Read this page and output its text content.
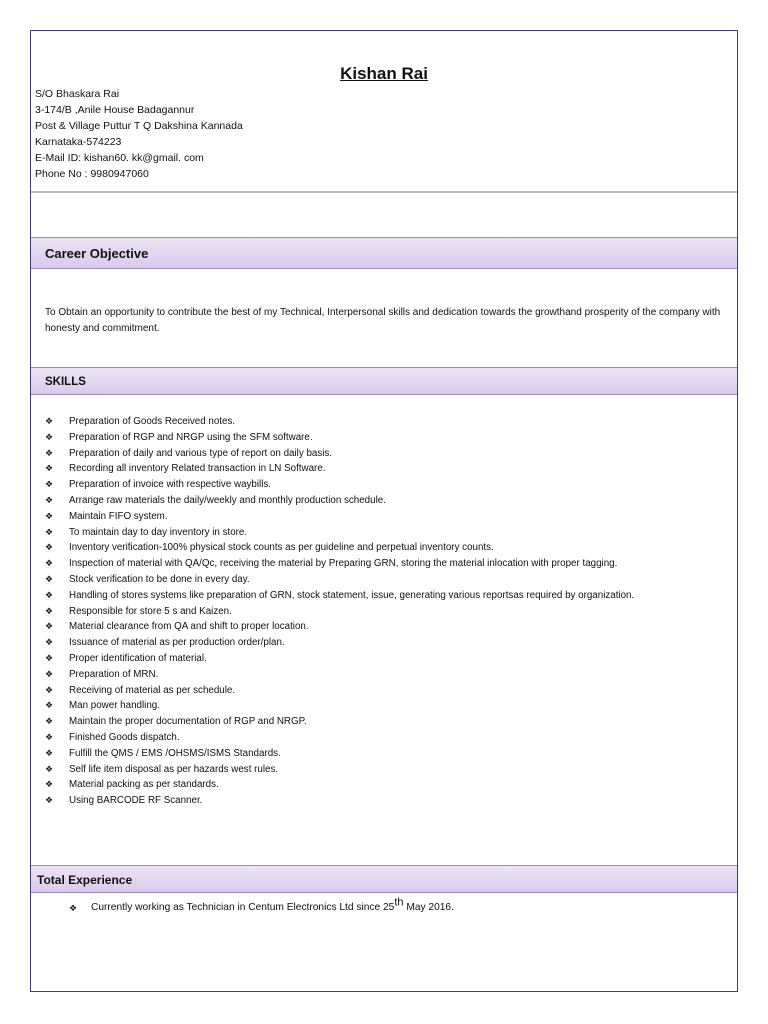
Kishan Rai
S/O Bhaskara Rai
3-174/B ,Anile House Badagannur
Post & Village Puttur T Q Dakshina Kannada
Karnataka-574223
E-Mail ID: kishan60. kk@gmail. com
Phone No : 9980947060
Career Objective
To Obtain an opportunity to contribute the best of my Technical, Interpersonal skills and dedication towards the growthand prosperity of the company with honesty and commitment.
SKILLS
❖ Preparation of Goods Received notes.
❖ Preparation of RGP and NRGP using the SFM software.
❖ Preparation of daily and various type of report on daily basis.
❖ Recording all inventory Related transaction in LN Software.
❖ Preparation of invoice with respective waybills.
❖ Arrange raw materials the daily/weekly and monthly production schedule.
❖ Maintain FIFO system.
❖ To maintain day to day inventory in store.
❖ Inventory verification-100% physical stock counts as per guideline and perpetual inventory counts.
❖ Inspection of material with QA/Qc, receiving the material by Preparing GRN, storing the material inlocation with proper tagging.
❖ Stock verification to be done in every day.
❖ Handling of stores systems like preparation of GRN, stock statement, issue, generating various reportsas required by organization.
❖ Responsible for store 5 s and Kaizen.
❖ Material clearance from QA and shift to proper location.
❖ Issuance of material as per production order/plan.
❖ Proper identification of material.
❖ Preparation of MRN.
❖ Receiving of material as per schedule.
❖ Man power handling.
❖ Maintain the proper documentation of RGP and NRGP.
❖ Finished Goods dispatch.
❖ Fulfill the QMS / EMS /OHSMS/ISMS Standards.
❖ Self life item disposal as per hazards west rules.
❖ Material packing as per standards.
❖ Using BARCODE RF Scanner.
Total Experience
❖ Currently working as Technician in Centum Electronics Ltd since 25th May 2016.
